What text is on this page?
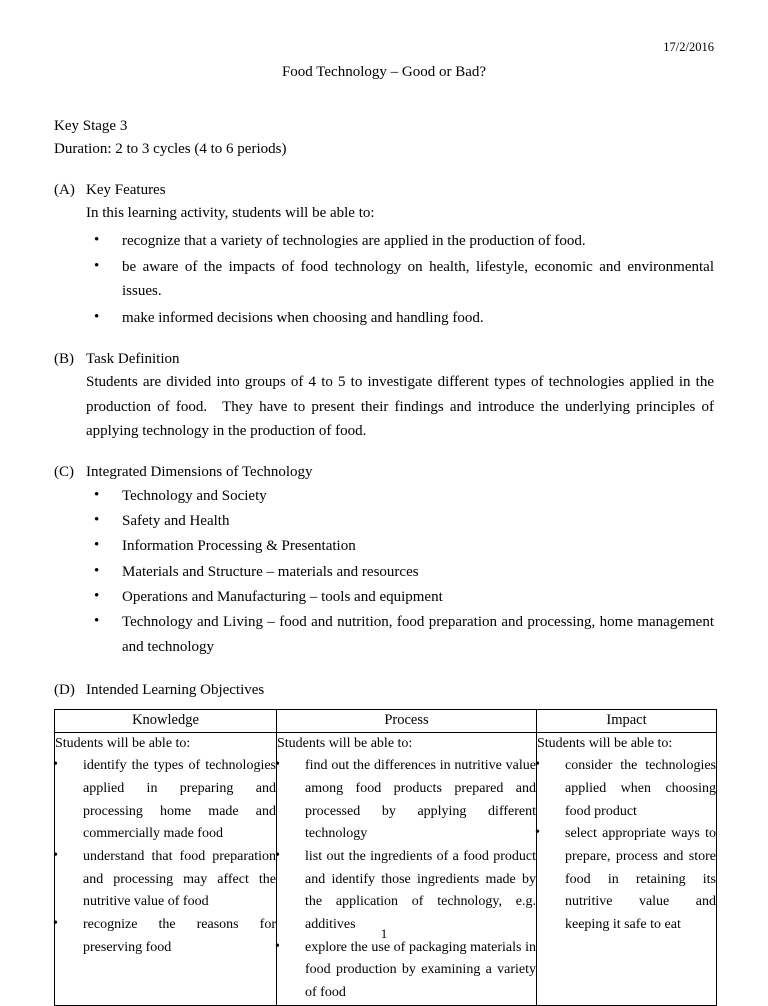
17/2/2016
Food Technology – Good or Bad?
Key Stage 3
Duration: 2 to 3 cycles (4 to 6 periods)
(A) Key Features

In this learning activity, students will be able to:

• recognize that a variety of technologies are applied in the production of food.
• be aware of the impacts of food technology on health, lifestyle, economic and environmental issues.
• make informed decisions when choosing and handling food.
(B) Task Definition

Students are divided into groups of 4 to 5 to investigate different types of technologies applied in the production of food. They have to present their findings and introduce the underlying principles of applying technology in the production of food.

(C) Integrated Dimensions of Technology
• Technology and Society
• Safety and Health
• Information Processing & Presentation
• Materials and Structure – materials and resources
• Operations and Manufacturing – tools and equipment
• Technology and Living – food and nutrition, food preparation and processing, home management and technology
(D) Intended Learning Objectives
Knowledge	Process	Impact

Students will be able to:

• identify the types of technologies applied in preparing and processing home made and commercially made food
• understand that food preparation and processing may affect the nutritive value of food
• recognize the reasons for preserving food

Students will be able to:

• find out the differences in nutritive value among food products prepared and processed by applying different technology
• list out the ingredients of a food product and identify those ingredients made by the application of technology, e.g. additives
• explore the use of packaging materials in food production by examining a variety of food

Students will be able to:

• consider the technologies applied when choosing food product
• select appropriate ways to prepare, process and store food in retaining its nutritive value and keeping it safe to eat
1
